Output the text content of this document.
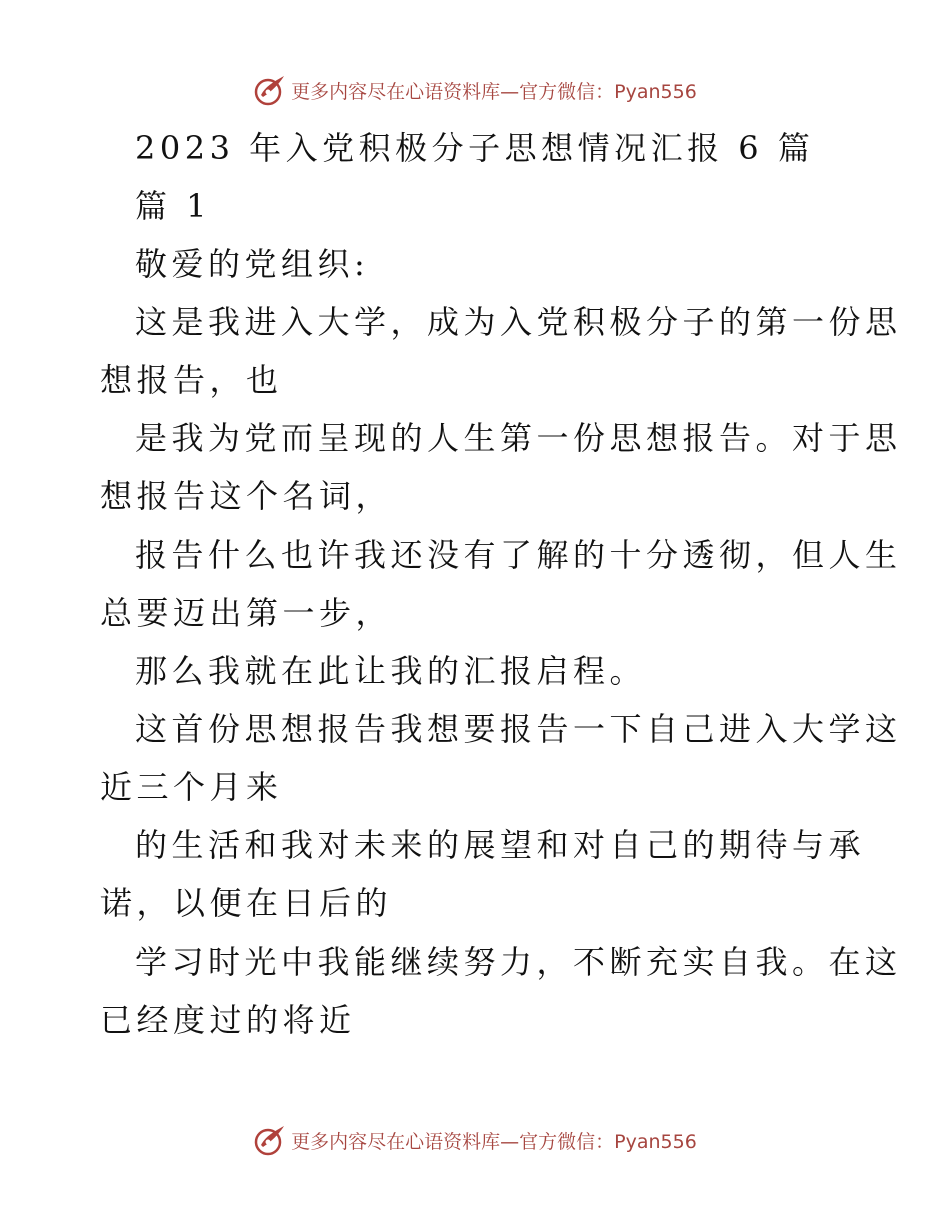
更多内容尽在心语资料库—官方微信：Pyan556
2023 年入党积极分子思想情况汇报 6 篇
篇 1
敬爱的党组织:
这是我进入大学，成为入党积极分子的第一份思
想报告，也
是我为党而呈现的人生第一份思想报告。对于思
想报告这个名词，
报告什么也许我还没有了解的十分透彻，但人生
总要迈出第一步，
那么我就在此让我的汇报启程。
这首份思想报告我想要报告一下自己进入大学这
近三个月来
的生活和我对未来的展望和对自己的期待与承
诺，以便在日后的
学习时光中我能继续努力，不断充实自我。在这
已经度过的将近
更多内容尽在心语资料库—官方微信：Pyan556
